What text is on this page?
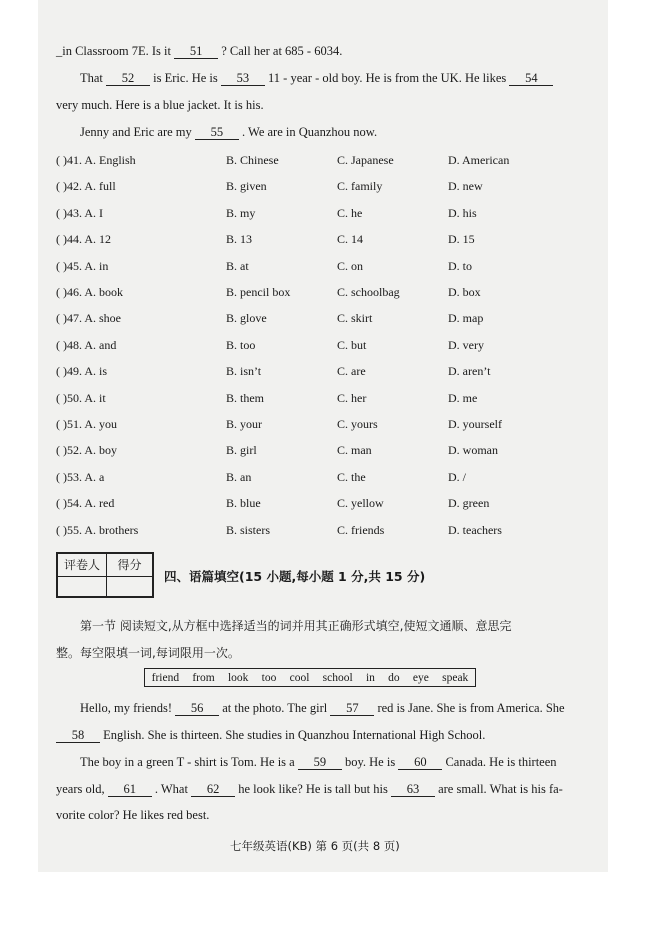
_in Classroom 7E. Is it 51 ? Call her at 685 - 6034.
That 52 is Eric. He is 53 11 - year - old boy. He is from the UK. He likes 54
very much. Here is a blue jacket. It is his.
Jenny and Eric are my 55 . We are in Quanzhou now.
( )41. A. English	B. Chinese	C. Japanese	D. American
( )42. A. full	B. given	C. family	D. new
( )43. A. I	B. my	C. he	D. his
( )44. A. 12	B. 13	C. 14	D. 15
( )45. A. in	B. at	C. on	D. to
( )46. A. book	B. pencil box	C. schoolbag	D. box
( )47. A. shoe	B. glove	C. skirt	D. map
( )48. A. and	B. too	C. but	D. very
( )49. A. is	B. isn’t	C. are	D. aren’t
( )50. A. it	B. them	C. her	D. me
( )51. A. you	B. your	C. yours	D. yourself
( )52. A. boy	B. girl	C. man	D. woman
( )53. A. a	B. an	C. the	D. /
( )54. A. red	B. blue	C. yellow	D. green
( )55. A. brothers	B. sisters	C. friends	D. teachers
评卷人	得分
四、语篇填空(15 小题,每小题 1 分,共 15 分)
第一节 阅读短文,从方框中选择适当的词并用其正确形式填空,使短文通顺、意思完
整。每空限填一词,每词限用一次。
friend from look too cool school in do eye speak
Hello, my friends! 56 at the photo. The girl 57 red is Jane. She is from America. She
58 English. She is thirteen. She studies in Quanzhou International High School.
The boy in a green T - shirt is Tom. He is a 59 boy. He is 60 Canada. He is thirteen
years old, 61 . What 62 he look like? He is tall but his 63 are small. What is his fa-
vorite color? He likes red best.
七年级英语(KB) 第 6 页(共 8 页)
